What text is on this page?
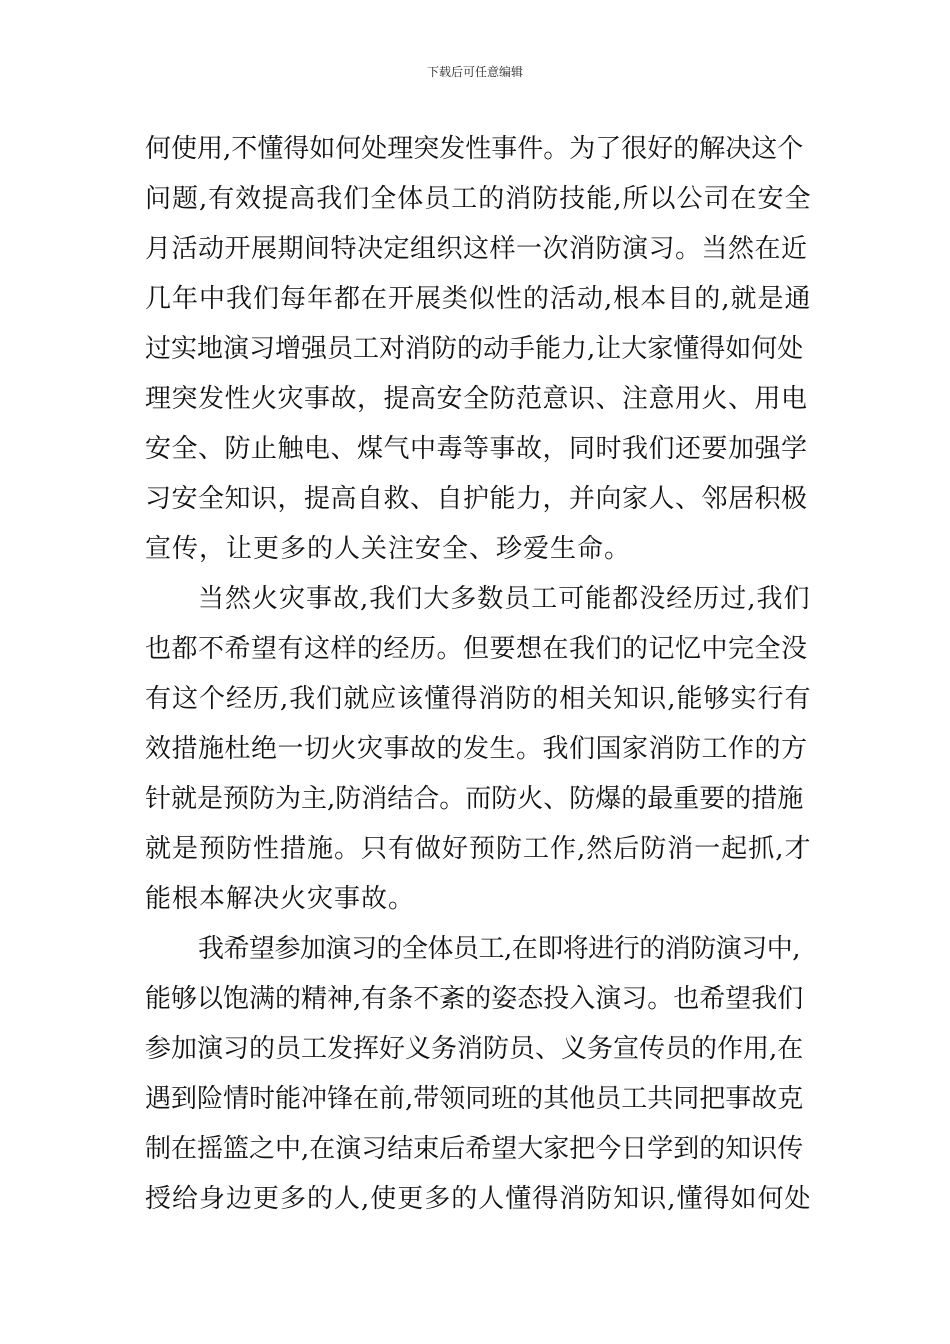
下载后可任意编辑
何使用,不懂得如何处理突发性事件。为了很好的解决这个
问题,有效提高我们全体员工的消防技能,所以公司在安全
月活动开展期间特决定组织这样一次消防演习。当然在近
几年中我们每年都在开展类似性的活动,根本目的,就是通
过实地演习增强员工对消防的动手能力,让大家懂得如何处
理突发性火灾事故，提高安全防范意识、注意用火、用电
安全、防止触电、煤气中毒等事故，同时我们还要加强学
习安全知识，提高自救、自护能力，并向家人、邻居积极
宣传，让更多的人关注安全、珍爱生命。
当然火灾事故,我们大多数员工可能都没经历过,我们
也都不希望有这样的经历。但要想在我们的记忆中完全没
有这个经历,我们就应该懂得消防的相关知识,能够实行有
效措施杜绝一切火灾事故的发生。我们国家消防工作的方
针就是预防为主,防消结合。而防火、防爆的最重要的措施
就是预防性措施。只有做好预防工作,然后防消一起抓,才
能根本解决火灾事故。
我希望参加演习的全体员工,在即将进行的消防演习中,
能够以饱满的精神,有条不紊的姿态投入演习。也希望我们
参加演习的员工发挥好义务消防员、义务宣传员的作用,在
遇到险情时能冲锋在前,带领同班的其他员工共同把事故克
制在摇篮之中,在演习结束后希望大家把今日学到的知识传
授给身边更多的人,使更多的人懂得消防知识,懂得如何处
